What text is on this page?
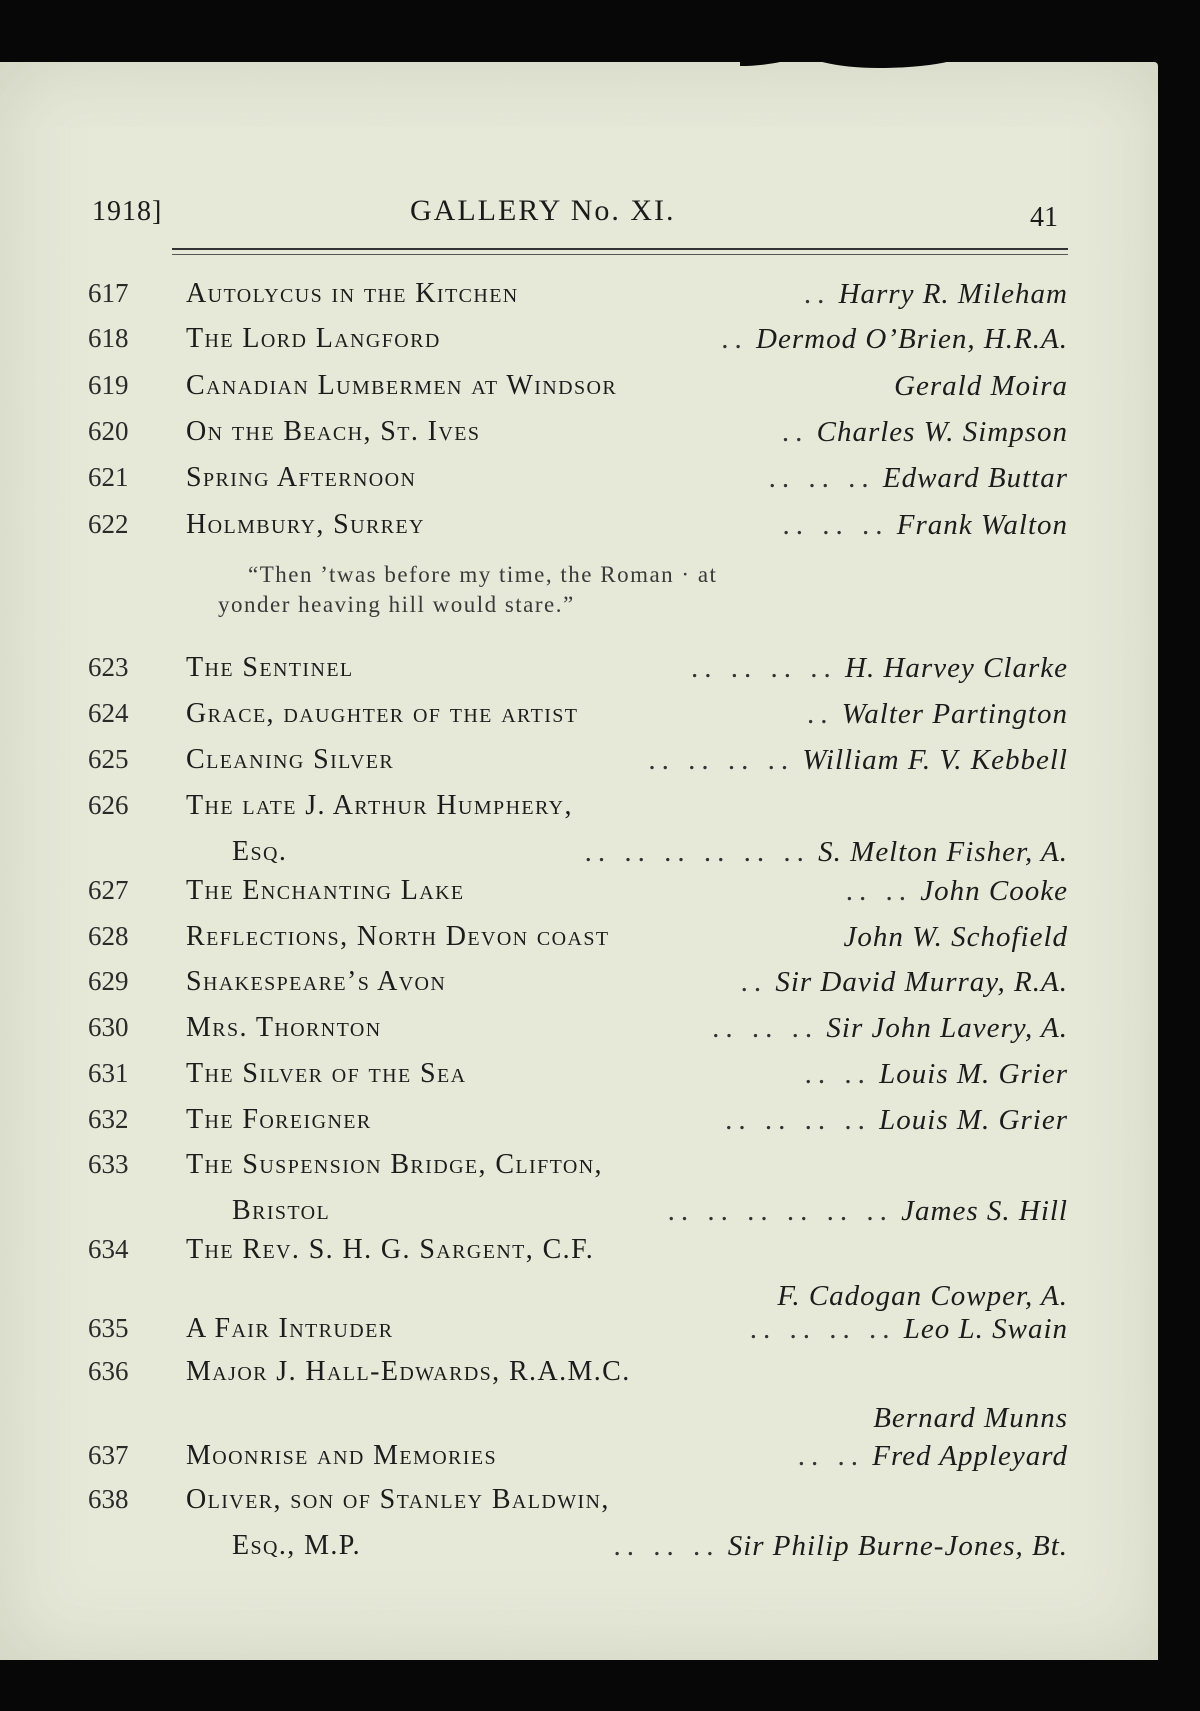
1918]	GALLERY No. XI.	41
“Then ’twas before my time, the Roman · at
yonder heaving hill would stare.”
617 Autolycus in the Kitchen	.. Harry R. Mileham
618 The Lord Langford	.. Dermod O’Brien, H.R.A.
619 Canadian Lumbermen at Windsor	Gerald Moira
620 On the Beach, St. Ives	.. Charles W. Simpson
621 Spring Afternoon	.. .. .. Edward Buttar
622 Holmbury, Surrey	.. .. .. Frank Walton
623 The Sentinel	.. .. .. .. H. Harvey Clarke
624 Grace, daughter of the artist	.. Walter Partington
625 Cleaning Silver	.. .. .. .. William F. V. Kebbell
626 The late J. Arthur Humphery,
Esq.	.. .. .. .. .. .. S. Melton Fisher, A.
627 The Enchanting Lake	.. .. John Cooke
628 Reflections, North Devon coast	John W. Schofield
629 Shakespeare’s Avon	.. Sir David Murray, R.A.
630 Mrs. Thornton	.. .. .. Sir John Lavery, A.
631 The Silver of the Sea	.. .. Louis M. Grier
632 The Foreigner	.. .. .. .. Louis M. Grier
633 The Suspension Bridge, Clifton,
Bristol	.. .. .. .. .. .. James S. Hill
634 The Rev. S. H. G. Sargent, C.F.
F. Cadogan Cowper, A.
635 A Fair Intruder	.. .. .. .. Leo L. Swain
636 Major J. Hall-Edwards, R.A.M.C.
Bernard Munns
637 Moonrise and Memories	.. .. Fred Appleyard
638 Oliver, son of Stanley Baldwin,
Esq., M.P.	.. .. .. Sir Philip Burne-Jones, Bt.
